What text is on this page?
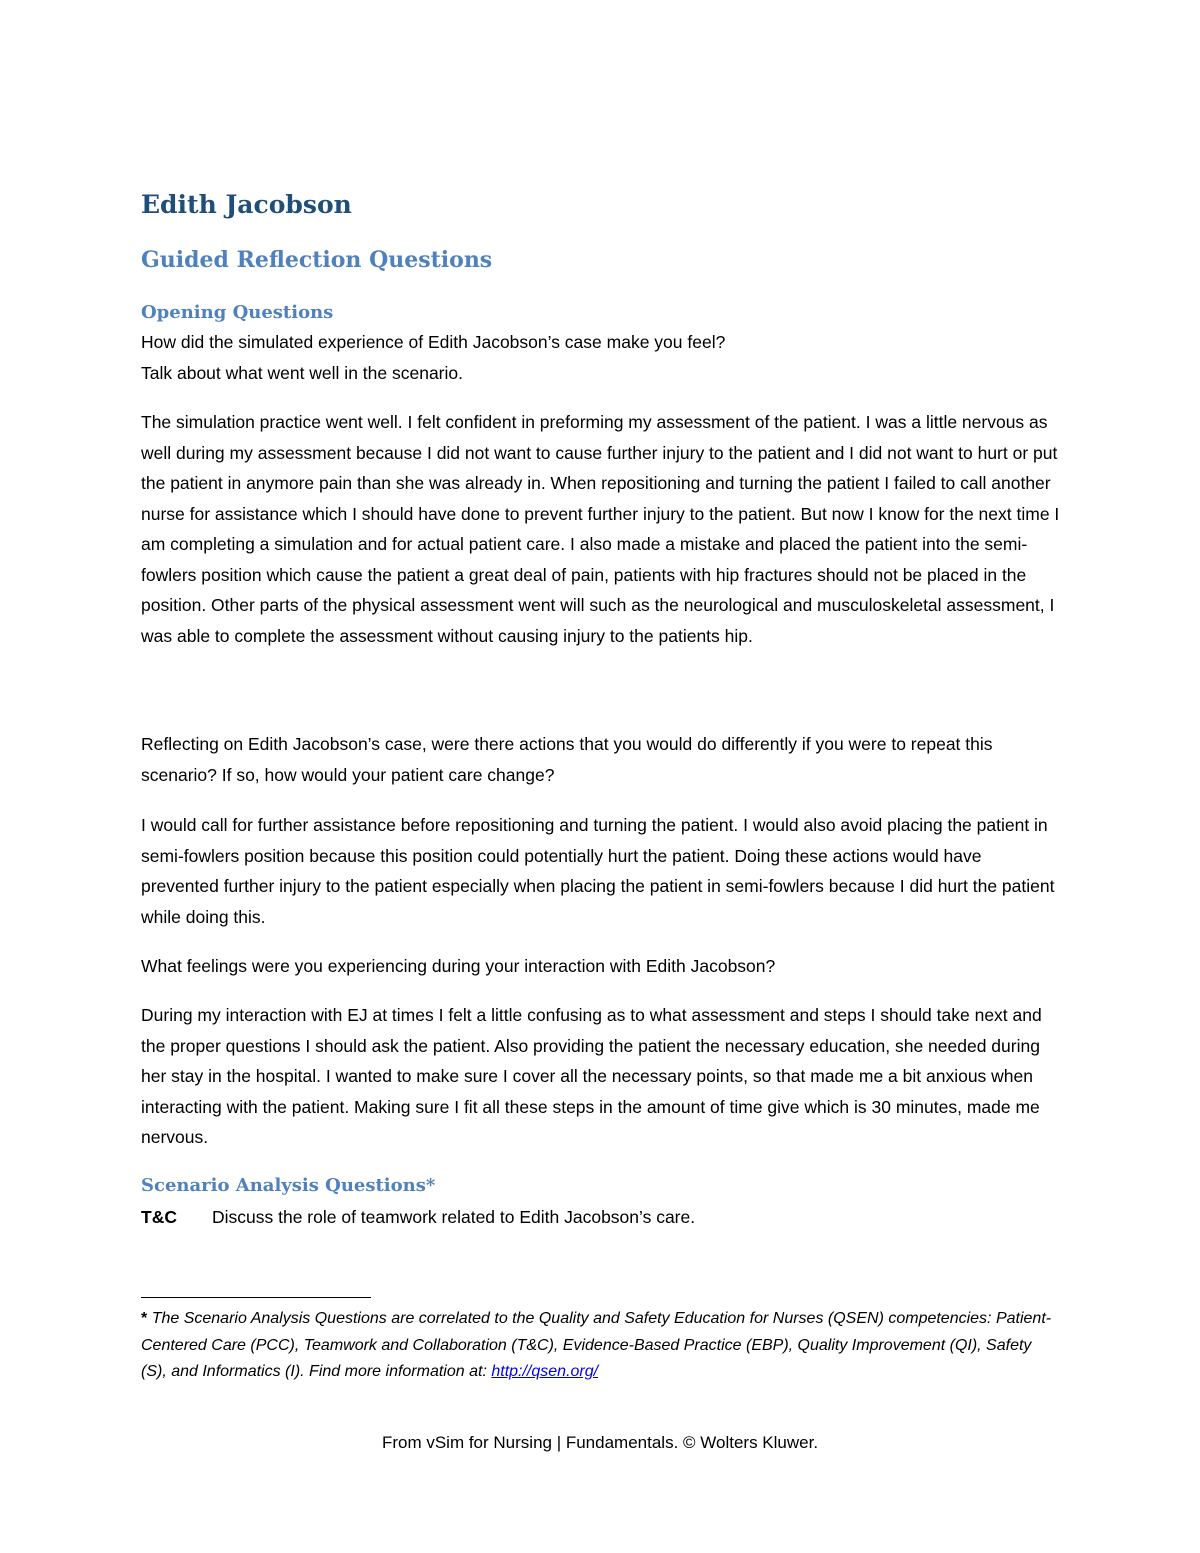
Edith Jacobson
Guided Reflection Questions
Opening Questions

How did the simulated experience of Edith Jacobson’s case make you feel?

Talk about what went well in the scenario.

The simulation practice went well. I felt confident in preforming my assessment of the patient. I was a little nervous as well during my assessment because I did not want to cause further injury to the patient and I did not want to hurt or put the patient in anymore pain than she was already in. When repositioning and turning the patient I failed to call another nurse for assistance which I should have done to prevent further injury to the patient. But now I know for the next time I am completing a simulation and for actual patient care. I also made a mistake and placed the patient into the semi-fowlers position which cause the patient a great deal of pain, patients with hip fractures should not be placed in the position. Other parts of the physical assessment went will such as the neurological and musculoskeletal assessment, I was able to complete the assessment without causing injury to the patients hip.

Reflecting on Edith Jacobson’s case, were there actions that you would do differently if you were to repeat this scenario? If so, how would your patient care change?

I would call for further assistance before repositioning and turning the patient. I would also avoid placing the patient in semi-fowlers position because this position could potentially hurt the patient. Doing these actions would have prevented further injury to the patient especially when placing the patient in semi-fowlers because I did hurt the patient while doing this.

What feelings were you experiencing during your interaction with Edith Jacobson?

During my interaction with EJ at times I felt a little confusing as to what assessment and steps I should take next and the proper questions I should ask the patient. Also providing the patient the necessary education, she needed during her stay in the hospital. I wanted to make sure I cover all the necessary points, so that made me a bit anxious when interacting with the patient. Making sure I fit all these steps in the amount of time give which is 30 minutes, made me nervous.

Scenario Analysis Questions*
T&C Discuss the role of teamwork related to Edith Jacobson’s care.

* The Scenario Analysis Questions are correlated to the Quality and Safety Education for Nurses (QSEN) competencies: Patient-Centered Care (PCC), Teamwork and Collaboration (T&C), Evidence-Based Practice (EBP), Quality Improvement (QI), Safety (S), and Informatics (I). Find more information at: http://qsen.org/

From vSim for Nursing | Fundamentals. © Wolters Kluwer.
